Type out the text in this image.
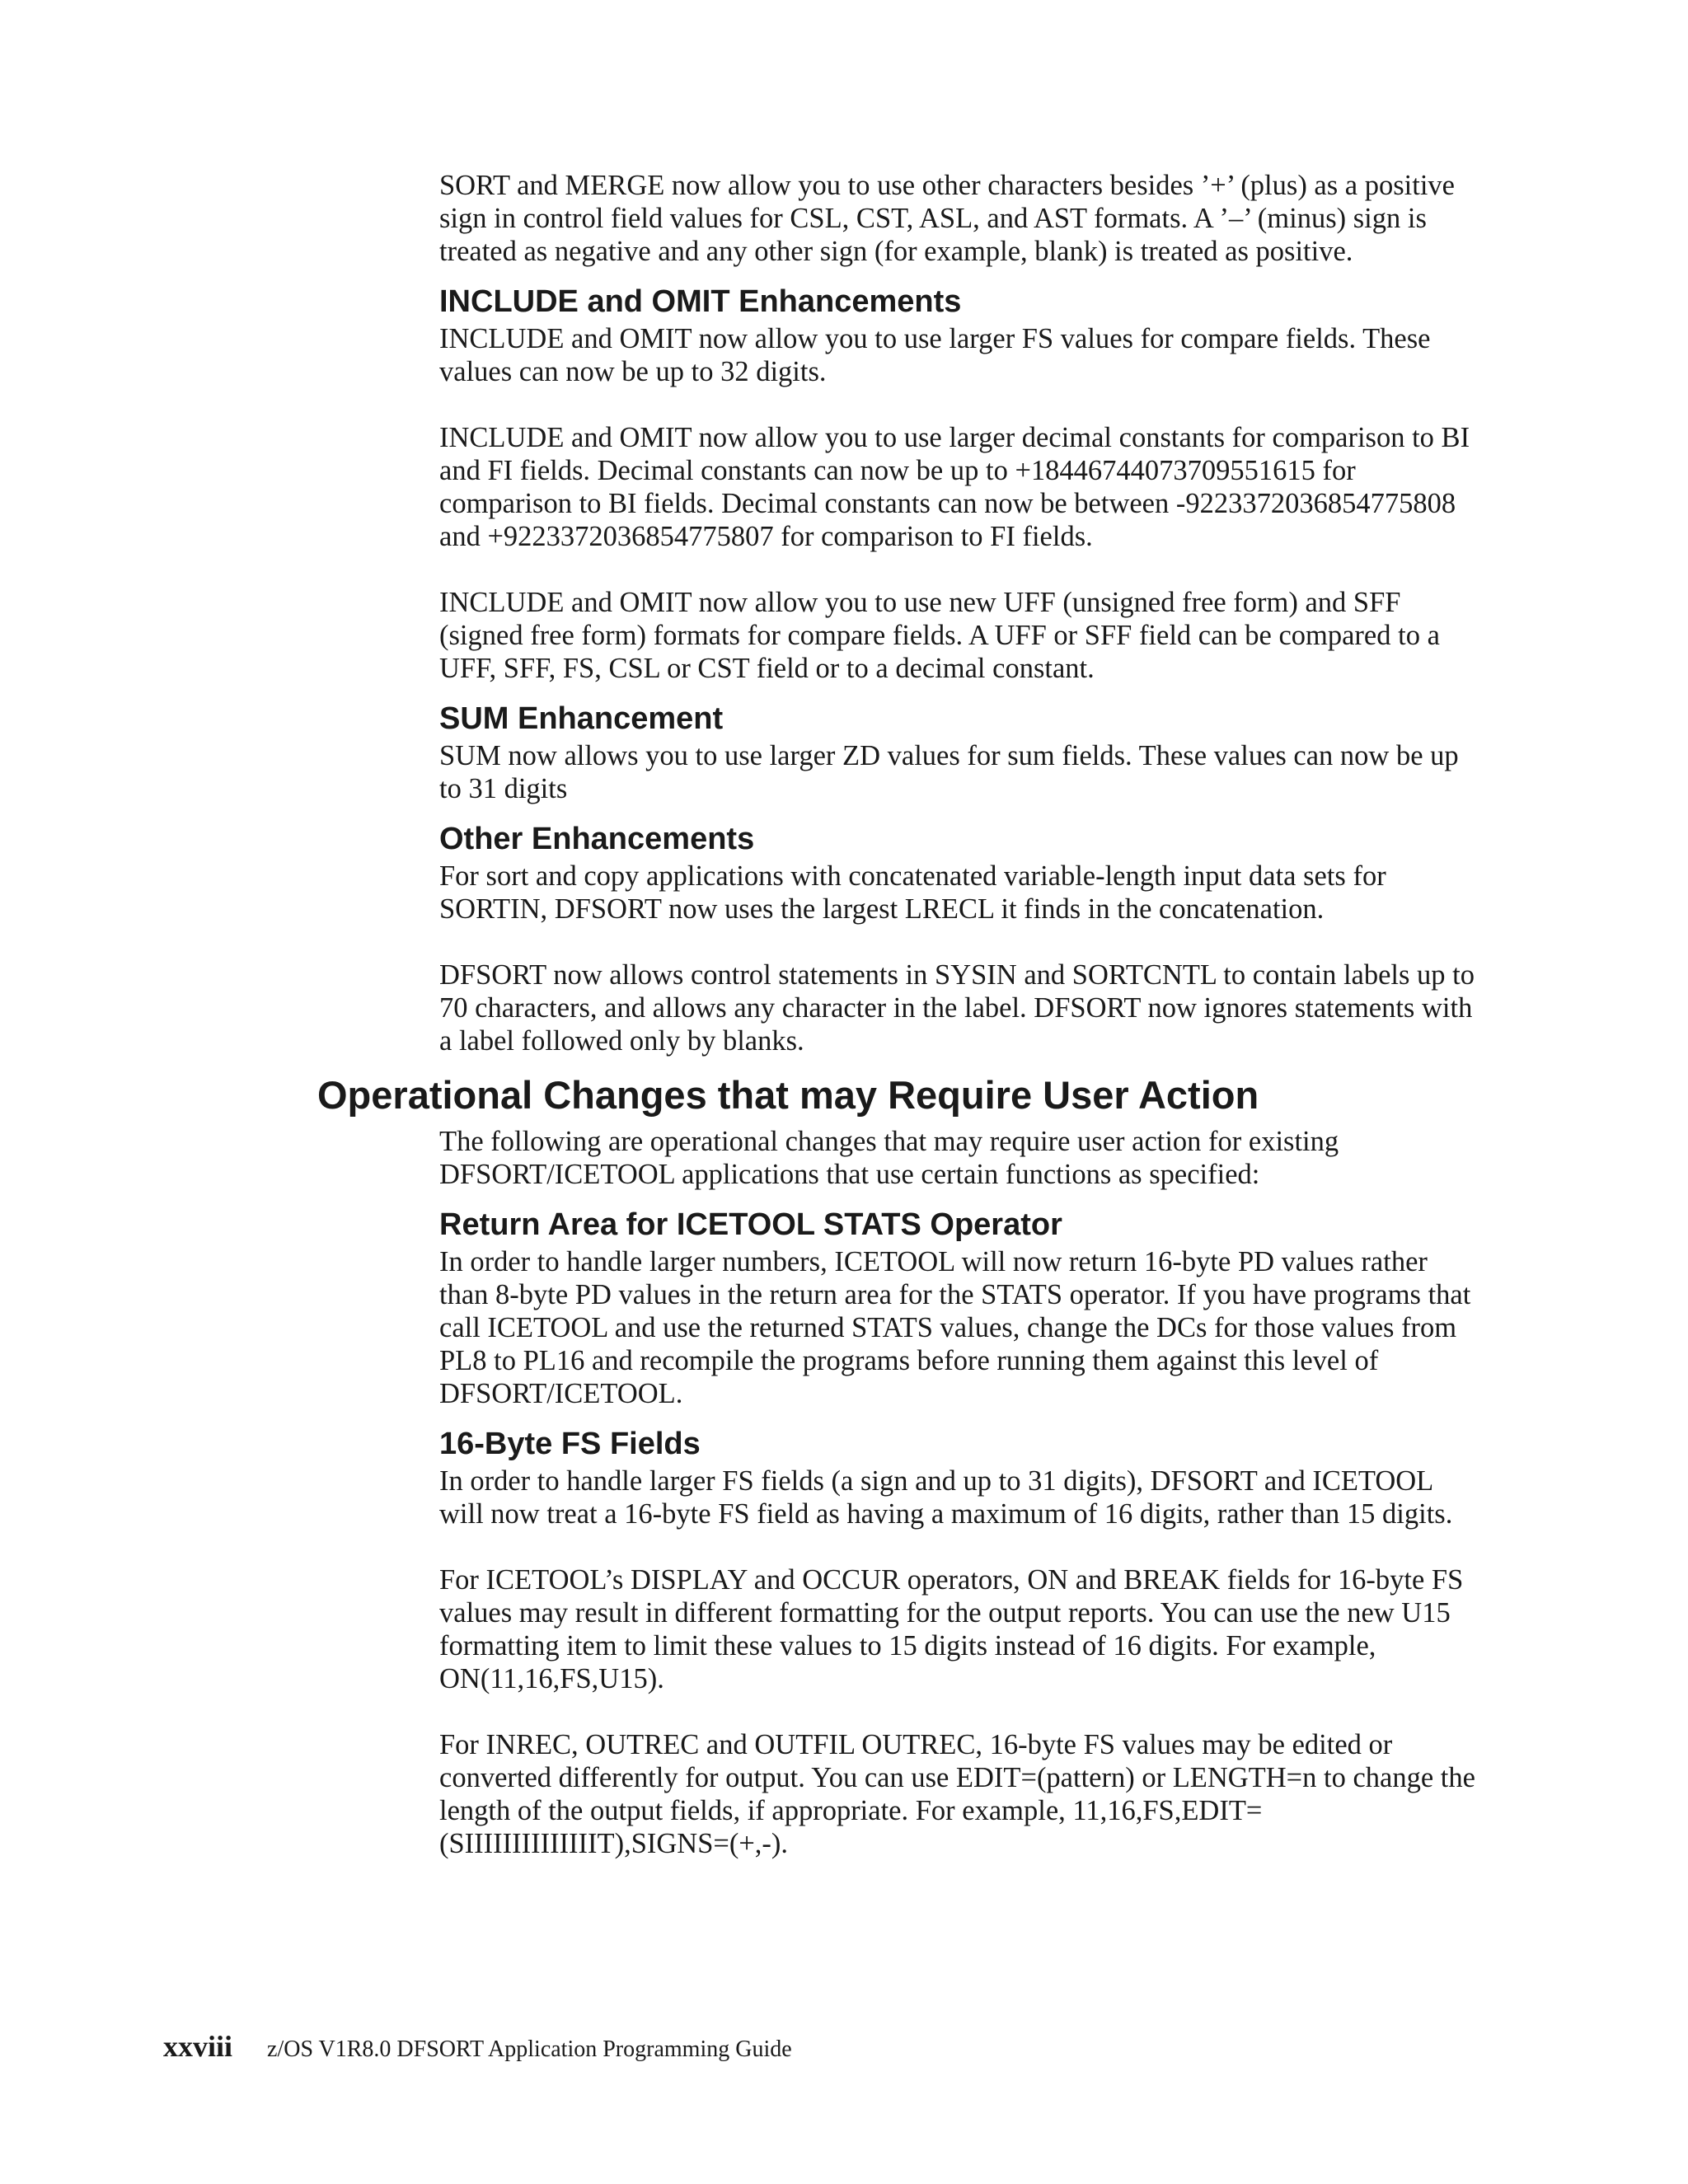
SORT and MERGE now allow you to use other characters besides ’+’ (plus) as a positive sign in control field values for CSL, CST, ASL, and AST formats. A ’–’ (minus) sign is treated as negative and any other sign (for example, blank) is treated as positive.

INCLUDE and OMIT Enhancements

INCLUDE and OMIT now allow you to use larger FS values for compare fields. These values can now be up to 32 digits.

INCLUDE and OMIT now allow you to use larger decimal constants for comparison to BI and FI fields. Decimal constants can now be up to +18446744073709551615 for comparison to BI fields. Decimal constants can now be between -9223372036854775808 and +9223372036854775807 for comparison to FI fields.

INCLUDE and OMIT now allow you to use new UFF (unsigned free form) and SFF (signed free form) formats for compare fields. A UFF or SFF field can be compared to a UFF, SFF, FS, CSL or CST field or to a decimal constant.

SUM Enhancement

SUM now allows you to use larger ZD values for sum fields. These values can now be up to 31 digits

Other Enhancements

For sort and copy applications with concatenated variable-length input data sets for SORTIN, DFSORT now uses the largest LRECL it finds in the concatenation.

DFSORT now allows control statements in SYSIN and SORTCNTL to contain labels up to 70 characters, and allows any character in the label. DFSORT now ignores statements with a label followed only by blanks.

Operational Changes that may Require User Action

The following are operational changes that may require user action for existing DFSORT/ICETOOL applications that use certain functions as specified:

Return Area for ICETOOL STATS Operator

In order to handle larger numbers, ICETOOL will now return 16-byte PD values rather than 8-byte PD values in the return area for the STATS operator. If you have programs that call ICETOOL and use the returned STATS values, change the DCs for those values from PL8 to PL16 and recompile the programs before running them against this level of DFSORT/ICETOOL.

16-Byte FS Fields

In order to handle larger FS fields (a sign and up to 31 digits), DFSORT and ICETOOL will now treat a 16-byte FS field as having a maximum of 16 digits, rather than 15 digits.

For ICETOOL’s DISPLAY and OCCUR operators, ON and BREAK fields for 16-byte FS values may result in different formatting for the output reports. You can use the new U15 formatting item to limit these values to 15 digits instead of 16 digits. For example, ON(11,16,FS,U15).

For INREC, OUTREC and OUTFIL OUTREC, 16-byte FS values may be edited or converted differently for output. You can use EDIT=(pattern) or LENGTH=n to change the length of the output fields, if appropriate. For example, 11,16,FS,EDIT=(SIIIIIIIIIIIIIIT),SIGNS=(+,-).

xxviii z/OS V1R8.0 DFSORT Application Programming Guide
